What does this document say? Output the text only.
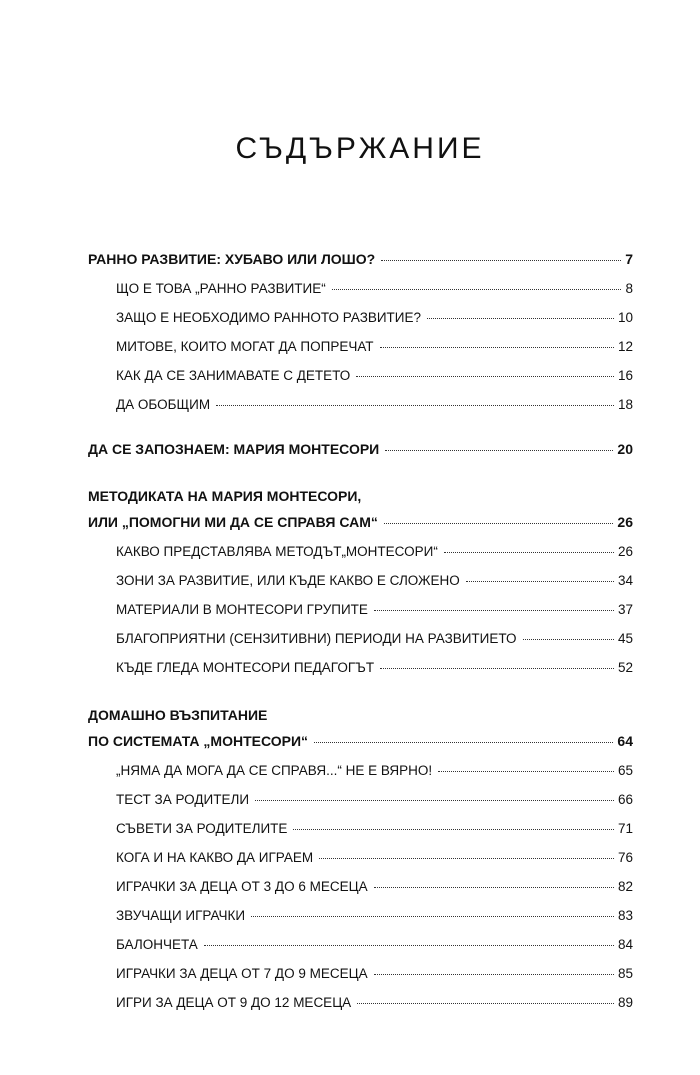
СЪДЪРЖАНИЕ
РАННО РАЗВИТИЕ: ХУБАВО ИЛИ ЛОШО?	7
ЩО Е ТОВА „РАННО РАЗВИТИЕ“	8
ЗАЩО Е НЕОБХОДИМО РАННОТО РАЗВИТИЕ?	10
МИТОВЕ, КОИТО МОГАТ ДА ПОПРЕЧАТ	12
КАК ДА СЕ ЗАНИМАВАТЕ С ДЕТЕТО	16
ДА ОБОБЩИМ	18
ДА СЕ ЗАПОЗНАЕМ: МАРИЯ МОНТЕСОРИ	20
МЕТОДИКАТА НА МАРИЯ МОНТЕСОРИ,
ИЛИ „ПОМОГНИ МИ ДА СЕ СПРАВЯ САМ“	26
КАКВО ПРЕДСТАВЛЯВА МЕТОДЪТ„МОНТЕСОРИ“	26
ЗОНИ ЗА РАЗВИТИЕ, ИЛИ КЪДЕ КАКВО Е СЛОЖЕНО	34
МАТЕРИАЛИ В МОНТЕСОРИ ГРУПИТЕ	37
БЛАГОПРИЯТНИ (СЕНЗИТИВНИ) ПЕРИОДИ НА РАЗВИТИЕТО	45
КЪДЕ ГЛЕДА МОНТЕСОРИ ПЕДАГОГЪТ	52
ДОМАШНО ВЪЗПИТАНИЕ
ПО СИСТЕМАТА „МОНТЕСОРИ“	64
„НЯМА ДА МОГА ДА СЕ СПРАВЯ...“ НЕ Е ВЯРНО!	65
ТЕСТ ЗА РОДИТЕЛИ	66
СЪВЕТИ ЗА РОДИТЕЛИТЕ	71
КОГА И НА КАКВО ДА ИГРАЕМ	76
ИГРАЧКИ ЗА ДЕЦА ОТ 3 ДО 6 МЕСЕЦА	82
ЗВУЧАЩИ ИГРАЧКИ	83
БАЛОНЧЕТА	84
ИГРАЧКИ ЗА ДЕЦА ОТ 7 ДО 9 МЕСЕЦА	85
ИГРИ ЗА ДЕЦА ОТ 9 ДО 12 МЕСЕЦА	89
